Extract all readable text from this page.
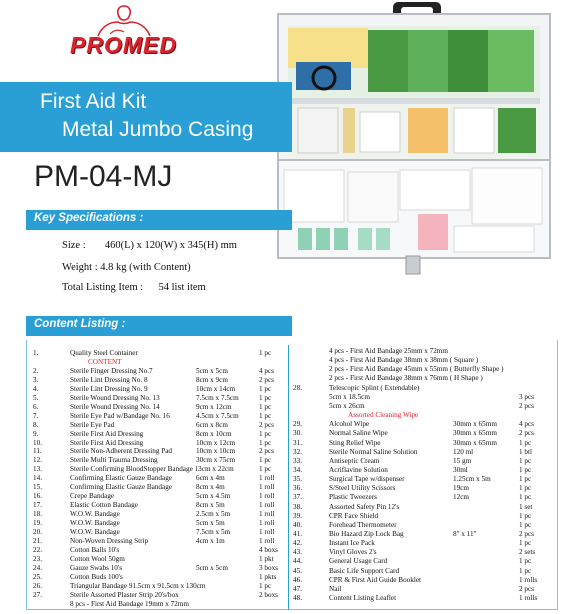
PROMED
First Aid Kit
Metal Jumbo Casing
PM-04-MJ
Key Specifications :
Size : 460(L) x 120(W) x 345(H) mm
Weight : 4.8 kg (with Content)
Total Listing Item : 54 list item
Content Listing :
1.	Quality Steel Container	1 pc
CONTENT
2.	Sterile Finger Dressing No.7	5cm x 5cm	4 pcs
3.	Sterile Lint Dressing No. 8	8cm x 9cm	2 pcs
4.	Sterile Lint Dressing No. 9	10cm x 14cm	1 pc
5.	Sterile Wound Dressing No. 13	7.5cm x 7.5cm	1 pc
6.	Sterile Wound Dressing No. 14	9cm x 12cm	1 pc
7.	Sterile Eye Pad w/Bandage No. 16	4.5cm x 7.5cm	1 pc
8.	Sterile Eye Pad	6cm x 8cm	2 pcs
9.	Sterile First Aid Dressing	8cm x 10cm	1 pc
10.	Sterile First Aid Dressing	10cm x 12cm	1 pc
11.	Sterile Non-Adherent Dressing Pad	10cm x 10cm	2 pcs
12.	Sterile Multi Trauma Dressing	30cm x 75cm	1 pc
13.	Sterile Confirming BloodStopper Bandage 13cm x 22cm	1 pc
14.	Confirming Elastic Gauze Bandage	6cm x 4m	1 roll
15.	Confirming Elastic Gauze Bandage	8cm x 4m	1 roll
16.	Crepe Bandage	5cm x 4.5m	1 roll
17.	Elastic Cotton Bandage	8cm x 5m	1 roll
18.	W.O.W. Bandage	2.5cm x 5m	1 roll
19.	W.O.W. Bandage	5cm x 5m	1 roll
20.	W.O.W. Bandage	7.5cm x 5m	1 roll
21.	Non-Woven Dressing Strip	4cm x 1m	1 roll
22.	Cotton Balls 10's	4 boxs
23.	Cotton Wool 50gm	1 pkt
24.	Gauze Swabs 10's	5cm x 5cm	3 boxs
25.	Cotton Buds 100's	1 pkts
26.	Triangular Bandage 91.5cm x 91.5cm x 130cm	1 pc
27.	Sterile Assorted Plaster Strip 20's/box	2 boxs
8 pcs - First Aid Bandage 19mm x 72mm
4 pcs - First Aid Bandage 25mm x 72mm
4 pcs - First Aid Bandage 38mm x 38mm ( Square )
2 pcs - First Aid Bandage 45mm x 55mm ( Butterfly Shape )
2 pcs - First Aid Bandage 38mm x 76mm ( H Shape )
28.	Telescopic Splint ( Extendable)
5cm x 18.5cm	3 pcs
5cm x 26cm	2 pcs
Assorted Cleaning Wipe
29.	Alcohol Wipe	30mm x 65mm	4 pcs
30.	Normal Saline Wipe	30mm x 65mm	2 pcs
31.	Sting Relief Wipe	30mm x 65mm	1 pc
32.	Sterile Normal Saline Solution	120 ml	1 btl
33.	Antiseptic Cream	15 gm	1 pc
34.	Acriflavine Solution	30ml	1 pc
35.	Surgical Tape w/dispenser	1.25cm x 5m	1 pc
36.	S/Steel Utility Scissors	19cm	1 pc
37.	Plastic Tweezers	12cm	1 pc
38.	Assorted Safety Pin 12's	1 set
39.	CPR Face Shield	1 pc
40.	Forehead Thermometer	1 pc
41.	Bio Hazard Zip Lock Bag	8" x 11"	2 pcs
42.	Instant Ice Pack	1 pc
43.	Vinyl Gloves 2's	2 sets
44.	General Usage Card	1 pc
45.	Basic Life Support Card	1 pc
46.	CPR & First Aid Guide Booklet	1 rolls
47.	Nail	2 pcs
48.	Content Listing Leaflet	1 rolls
